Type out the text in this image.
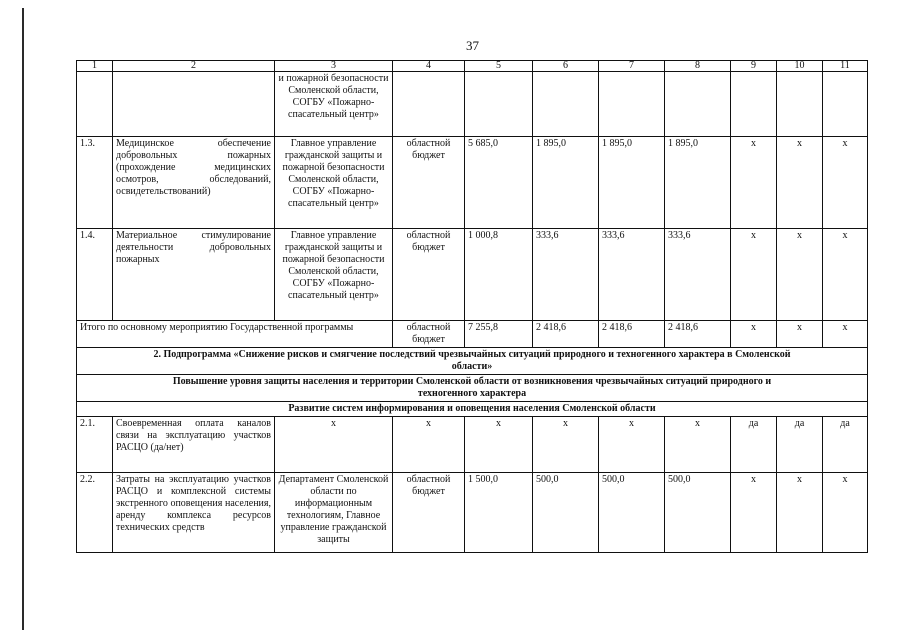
37
1	2	3	4	5	6	7	8	9	10	11
		и пожарной безопасности Смоленской области, СОГБУ «Пожарно-спасательный центр»								
1.3.	Медицинское обеспечение добровольных пожарных (прохождение медицинских осмотров, обследований, освидетельствований)	Главное управление гражданской защиты и пожарной безопасности Смоленской области, СОГБУ «Пожарно-спасательный центр»	областной бюджет	5 685,0	1 895,0	1 895,0	1 895,0	х	х	х
1.4.	Материальное стимулирование деятельности добровольных пожарных	Главное управление гражданской защиты и пожарной безопасности Смоленской области, СОГБУ «Пожарно-спасательный центр»	областной бюджет	1 000,8	333,6	333,6	333,6	х	х	х
Итого по основному мероприятию Государственной программы			областной бюджет	7 255,8	2 418,6	2 418,6	2 418,6	х	х	х
2. Подпрограмма «Снижение рисков и смягчение последствий чрезвычайных ситуаций природного и техногенного характера в Смоленской области»										
Повышение уровня защиты населения и территории Смоленской области от возникновения чрезвычайных ситуаций природного и техногенного характера										
Развитие систем информирования и оповещения населения Смоленской области										
2.1.	Своевременная оплата каналов связи на эксплуатацию участков РАСЦО (да/нет)	х	х	х	х	х	х	да	да	да
2.2.	Затраты на эксплуатацию участков РАСЦО и комплексной системы экстренного оповещения населения, аренду комплекса ресурсов технических средств	Департамент Смоленской области по информационным технологиям, Главное управление гражданской защиты	областной бюджет	1 500,0	500,0	500,0	500,0	х	х	х
